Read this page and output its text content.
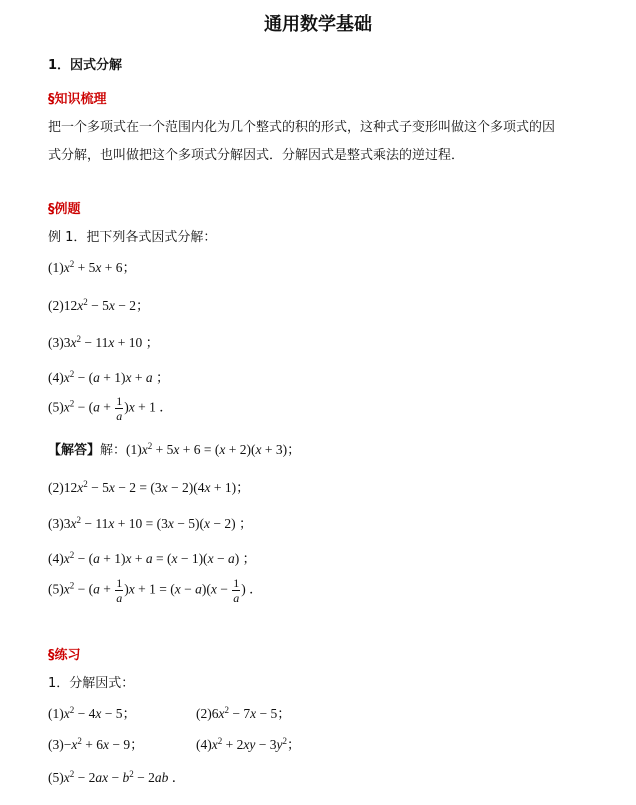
通用数学基础
1．因式分解
§知识梳理
把一个多项式在一个范围内化为几个整式的积的形式，这种式子变形叫做这个多项式的因
式分解，也叫做把这个多项式分解因式．分解因式是整式乘法的逆过程．
§例题
例 1．把下列各式因式分解：
$(1)x^2 + 5x + 6$；
$(2)12x^2 - 5x - 2$；
$(3)3x^2 - 11x + 10$ ；
$(4)x^2 - (a + 1)x + a$ ；
$(5)x^2 - (a + \frac{1}{a} )x + 1$ ．
【解答】解：$(1)x^2 + 5x + 6 = (x + 2)(x + 3)$；
$(2)12x^2 - 5x - 2 = (3x - 2)(4x + 1)$；
$(3)3x^2 - 11x + 10 = (3x - 5)(x - 2)$ ；
$(4)x^2 - (a + 1)x + a = (x - 1)(x - a)$ ；
$(5)x^2 - (a + \frac{1}{a} )x + 1 = (x - a)(x - \frac{1}{a}$ ) ．
§练习
1．分解因式：
$(1)x^2 - 4x - 5$；	$(2)6x^2 - 7x - 5$；
$(3)-x^2 + 6x - 9$；	$(4)x^2 + 2xy - 3y^2$；
$(5)x^2 - 2ax - b^2 - 2ab$ ．
